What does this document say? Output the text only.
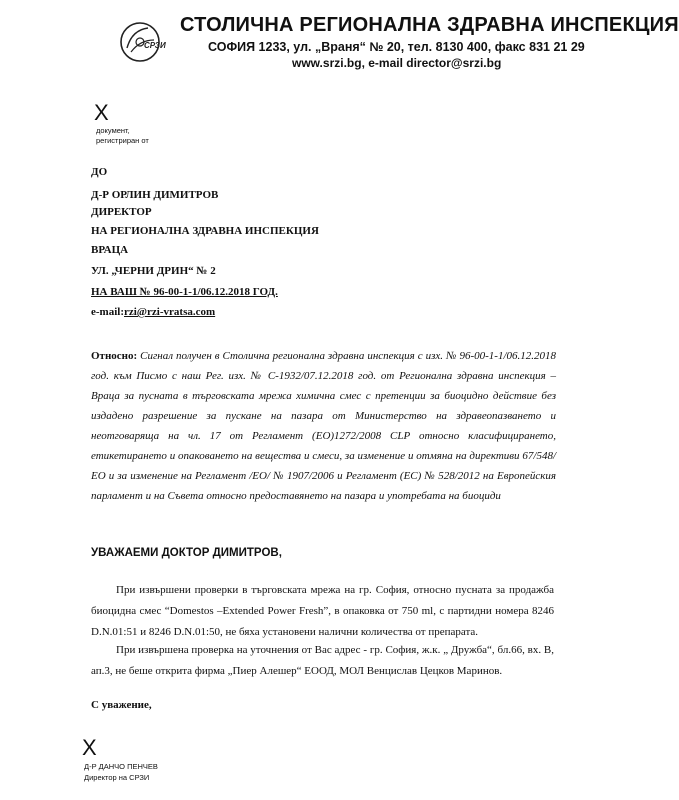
СРЗИ
СТОЛИЧНА РЕГИОНАЛНА ЗДРАВНА ИНСПЕКЦИЯ
СОФИЯ 1233, ул. „Враня“ № 20, тел. 8130 400, факс 831 21 29
www.srzi.bg, e-mail director@srzi.bg
X
документ,
регистриран от
ДО
Д-Р ОРЛИН ДИМИТРОВ
ДИРЕКТОР
НА РЕГИОНАЛНА ЗДРАВНА ИНСПЕКЦИЯ
ВРАЦА
УЛ. „ЧЕРНИ ДРИН“ № 2
НА ВАШ № 96-00-1-1/06.12.2018 ГОД.
e-mail:rzi@rzi-vratsa.com
Относно: Сигнал получен в Столична регионална здравна инспекция с изх. № 96-00-1-1/06.12.2018 год. към Писмо с наш Рег. изх. № С-1932/07.12.2018 год. от Регионална здравна инспекция – Враца за пусната в търговската мрежа химична смес с претенции за биоцидно действие без издадено разрешение за пускане на пазара от Министерство на здравеопазването и неотговаряща на чл. 17 от Регламент (ЕО)1272/2008 CLP относно класифицирането, етикетирането и опаковането на вещества и смеси, за изменение и отмяна на директиви 67/548/ЕО и за изменение на Регламент /ЕО/ № 1907/2006 и Регламент (ЕС) № 528/2012 на Европейския парламент и на Съвета относно предоставянето на пазара и употребата на биоциди
УВАЖАЕМИ ДОКТОР ДИМИТРОВ,
При извършени проверки в търговската мрежа на гр. София, относно пусната за продажба биоцидна смес “Domestos –Extended Power Fresh”, в опаковка от 750 ml, с партидни номера 8246 D.N.01:51 и 8246 D.N.01:50, не бяха установени налични количества от препарата.
При извършена проверка на уточнения от Вас адрес - гр. София, ж.к. „ Дружба“, бл.66, вх. В, ап.3, не беше открита фирма „Пиер Алешер“ ЕООД, МОЛ Венцислав Цецков Маринов.
С уважение,
X
Д-Р ДАНЧО ПЕНЧЕВ
Директор на СРЗИ
